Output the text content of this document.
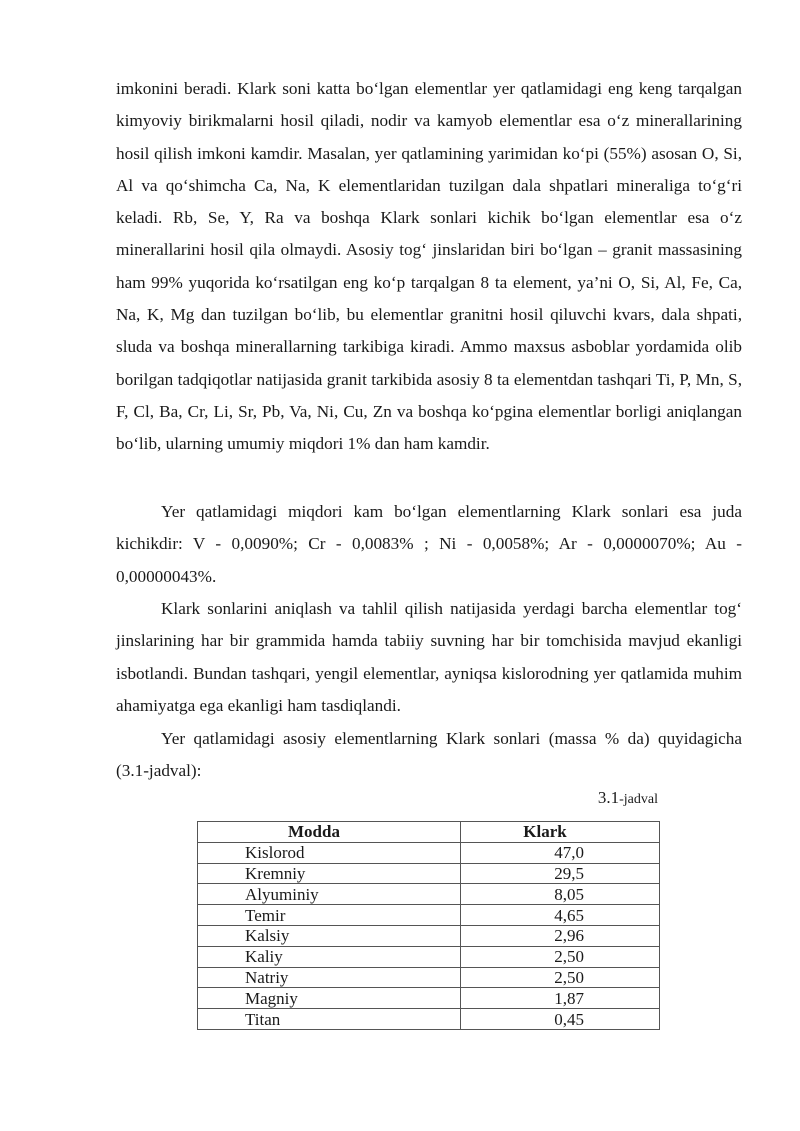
imkonini beradi. Klark soni katta bo‘lgan elementlar yer qatlamidagi eng keng tarqalgan kimyoviy birikmalarni hosil qiladi, nodir va kamyob elementlar esa o‘z minerallarining hosil qilish imkoni kamdir. Masalan, yer qatlamining yarimidan ko‘pi (55%) asosan O, Si, Al va qo‘shimcha Ca, Na, K elementlaridan tuzilgan dala shpatlari mineraliga to‘g‘ri keladi. Rb, Se, Y, Ra va boshqa Klark sonlari kichik bo‘lgan elementlar esa o‘z minerallarini hosil qila olmaydi. Asosiy tog‘ jinslaridan biri bo‘lgan – granit massasining ham 99% yuqorida ko‘rsatilgan eng ko‘p tarqalgan 8 ta element, ya’ni O, Si, Al, Fe, Ca, Na, K, Mg dan tuzilgan bo‘lib, bu elementlar granitni hosil qiluvchi kvars, dala shpati, sluda va boshqa minerallarning tarkibiga kiradi. Ammo maxsus asboblar yordamida olib borilgan tadqiqotlar natijasida granit tarkibida asosiy 8 ta elementdan tashqari Ti, P, Mn, S, F, Cl, Ba, Cr, Li, Sr, Pb, Va, Ni, Cu, Zn va boshqa ko‘pgina elementlar borligi aniqlangan bo‘lib, ularning umumiy miqdori 1% dan ham kamdir.

Yer qatlamidagi miqdori kam bo‘lgan elementlarning Klark sonlari esa juda kichikdir: V - 0,0090%; Cr - 0,0083% ; Ni - 0,0058%; Ar - 0,0000070%; Au - 0,00000043%.

Klark sonlarini aniqlash va tahlil qilish natijasida yerdagi barcha elementlar tog‘ jinslarining har bir grammida hamda tabiiy suvning har bir tomchisida mavjud ekanligi isbotlandi. Bundan tashqari, yengil elementlar, ayniqsa kislorodning yer qatlamida muhim ahamiyatga ega ekanligi ham tasdiqlandi.

Yer qatlamidagi asosiy elementlarning Klark sonlari (massa % da) quyidagicha (3.1-jadval):

3.1-jadval
Modda	Klark
Kislorod	47,0
Kremniy	29,5
Alyuminiy	8,05
Temir	4,65
Kalsiy	2,96
Kaliy	2,50
Natriy	2,50
Magniy	1,87
Titan	0,45
